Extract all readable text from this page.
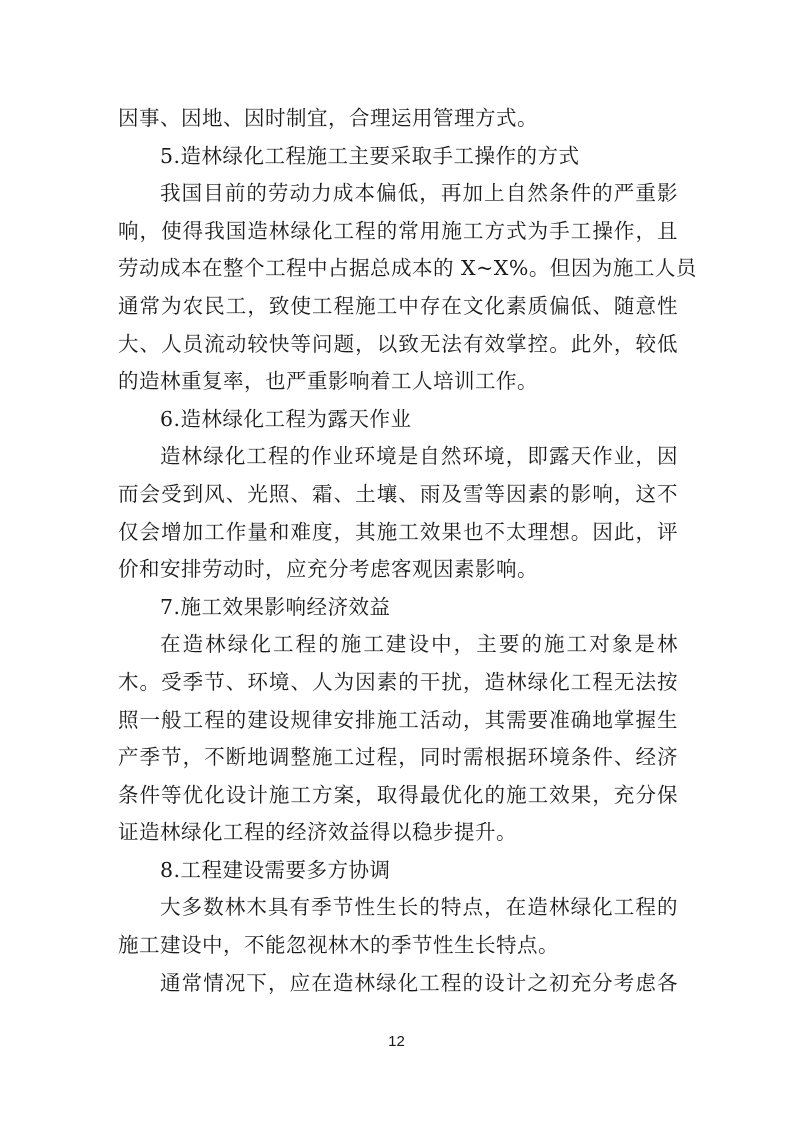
因事、因地、因时制宜，合理运用管理方式。

5.造林绿化工程施工主要采取手工操作的方式

我国目前的劳动力成本偏低，再加上自然条件的严重影

响，使得我国造林绿化工程的常用施工方式为手工操作，且

劳动成本在整个工程中占据总成本的 X~X%。但因为施工人员

通常为农民工，致使工程施工中存在文化素质偏低、随意性

大、人员流动较快等问题，以致无法有效掌控。此外，较低

的造林重复率，也严重影响着工人培训工作。

6.造林绿化工程为露天作业

造林绿化工程的作业环境是自然环境，即露天作业，因

而会受到风、光照、霜、土壤、雨及雪等因素的影响，这不

仅会增加工作量和难度，其施工效果也不太理想。因此，评

价和安排劳动时，应充分考虑客观因素影响。

7.施工效果影响经济效益

在造林绿化工程的施工建设中，主要的施工对象是林

木。受季节、环境、人为因素的干扰，造林绿化工程无法按

照一般工程的建设规律安排施工活动，其需要准确地掌握生

产季节，不断地调整施工过程，同时需根据环境条件、经济

条件等优化设计施工方案，取得最优化的施工效果，充分保

证造林绿化工程的经济效益得以稳步提升。

8.工程建设需要多方协调

大多数林木具有季节性生长的特点，在造林绿化工程的

施工建设中，不能忽视林木的季节性生长特点。

通常情况下，应在造林绿化工程的设计之初充分考虑各

12
